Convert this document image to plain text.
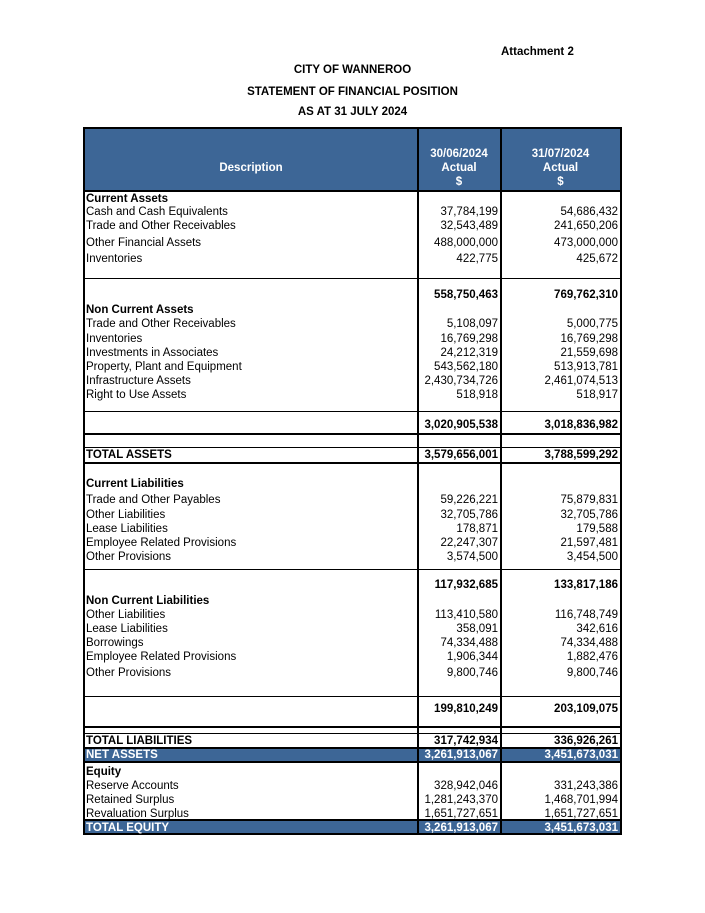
Attachment 2
CITY OF WANNEROO
STATEMENT OF FINANCIAL POSITION
AS AT 31 JULY 2024
Description
30/06/2024
Actual
$
31/07/2024
Actual
$
Current Assets
Cash and Cash Equivalents	37,784,199	54,686,432
Trade and Other Receivables	32,543,489	241,650,206
Other Financial Assets	488,000,000	473,000,000
Inventories	422,775	425,672
558,750,463	769,762,310
Non Current Assets
Trade and Other Receivables	5,108,097	5,000,775
Inventories	16,769,298	16,769,298
Investments in Associates	24,212,319	21,559,698
Property, Plant and Equipment	543,562,180	513,913,781
Infrastructure Assets	2,430,734,726	2,461,074,513
Right to Use Assets	518,918	518,917
3,020,905,538	3,018,836,982
TOTAL ASSETS	3,579,656,001	3,788,599,292
Current Liabilities
Trade and Other Payables	59,226,221	75,879,831
Other Liabilities	32,705,786	32,705,786
Lease Liabilities	178,871	179,588
Employee Related Provisions	22,247,307	21,597,481
Other Provisions	3,574,500	3,454,500
117,932,685	133,817,186
Non Current Liabilities
Other Liabilities	113,410,580	116,748,749
Lease Liabilities	358,091	342,616
Borrowings	74,334,488	74,334,488
Employee Related Provisions	1,906,344	1,882,476
Other Provisions	9,800,746	9,800,746
199,810,249	203,109,075
TOTAL LIABILITIES	317,742,934	336,926,261
NET ASSETS	3,261,913,067	3,451,673,031
Equity
Reserve Accounts	328,942,046	331,243,386
Retained Surplus	1,281,243,370	1,468,701,994
Revaluation Surplus	1,651,727,651	1,651,727,651
TOTAL EQUITY	3,261,913,067	3,451,673,031
